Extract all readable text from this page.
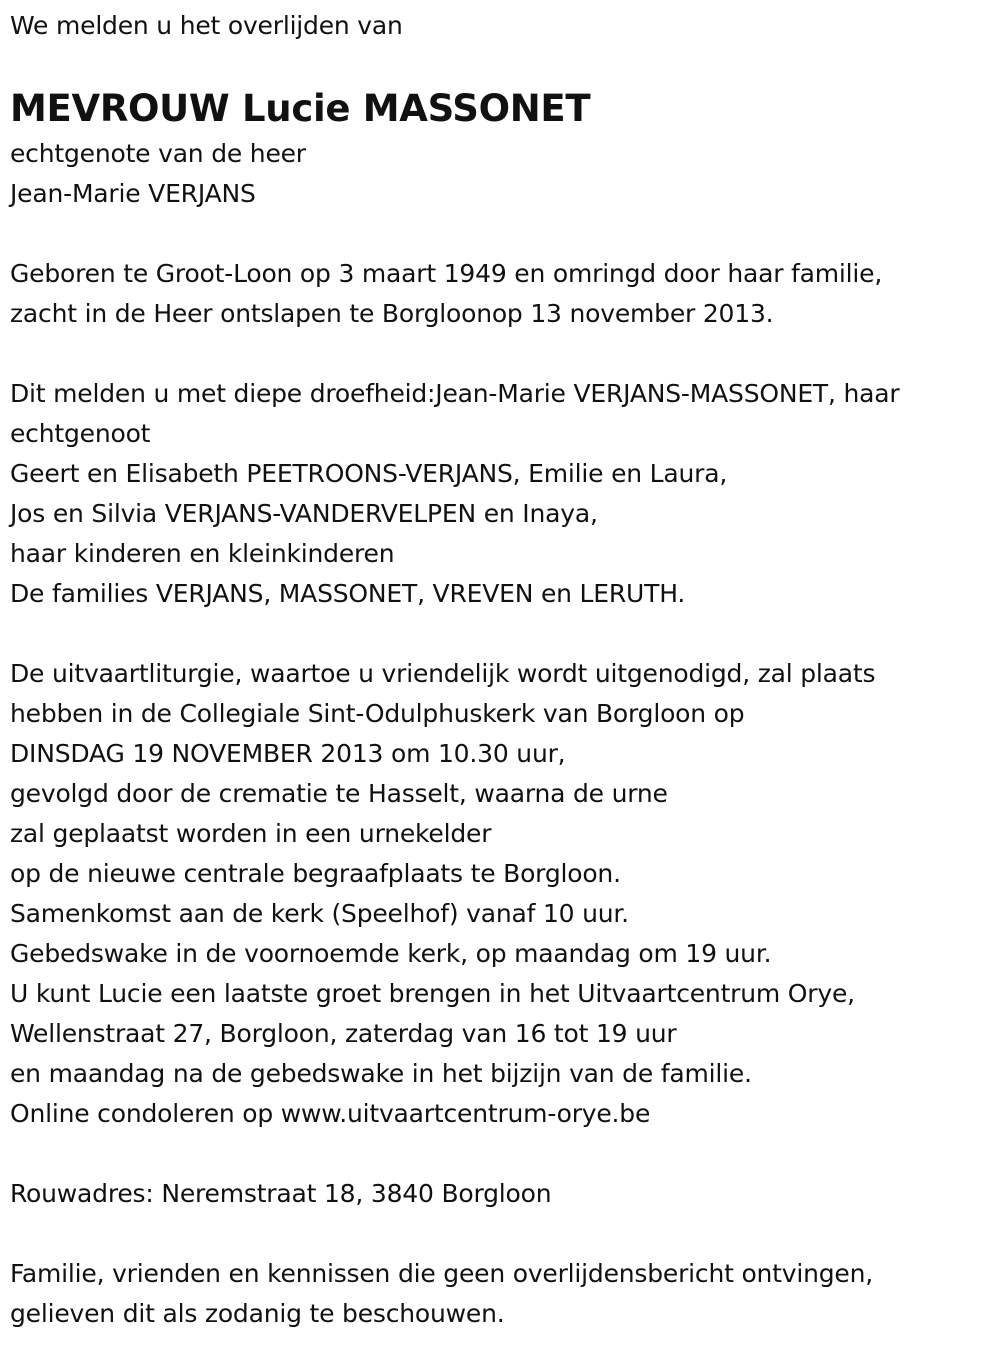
We melden u het overlijden van

MEVROUW Lucie MASSONET

echtgenote van de heer

Jean-Marie VERJANS

Geboren te Groot-Loon op 3 maart 1949 en omringd door haar familie,

zacht in de Heer ontslapen te Borgloonop 13 november 2013.

Dit melden u met diepe droefheid:Jean-Marie VERJANS-MASSONET, haar

echtgenoot

Geert en Elisabeth PEETROONS-VERJANS, Emilie en Laura,

Jos en Silvia VERJANS-VANDERVELPEN en Inaya,

haar kinderen en kleinkinderen

De families VERJANS, MASSONET, VREVEN en LERUTH.

De uitvaartliturgie, waartoe u vriendelijk wordt uitgenodigd, zal plaats

hebben in de Collegiale Sint-Odulphuskerk van Borgloon op

DINSDAG 19 NOVEMBER 2013 om 10.30 uur,

gevolgd door de crematie te Hasselt, waarna de urne

zal geplaatst worden in een urnekelder

op de nieuwe centrale begraafplaats te Borgloon.

Samenkomst aan de kerk (Speelhof) vanaf 10 uur.

Gebedswake in de voornoemde kerk, op maandag om 19 uur.

U kunt Lucie een laatste groet brengen in het Uitvaartcentrum Orye,

Wellenstraat 27, Borgloon, zaterdag van 16 tot 19 uur

en maandag na de gebedswake in het bijzijn van de familie.

Online condoleren op www.uitvaartcentrum-orye.be

Rouwadres: Neremstraat 18, 3840 Borgloon

Familie, vrienden en kennissen die geen overlijdensbericht ontvingen,

gelieven dit als zodanig te beschouwen.
